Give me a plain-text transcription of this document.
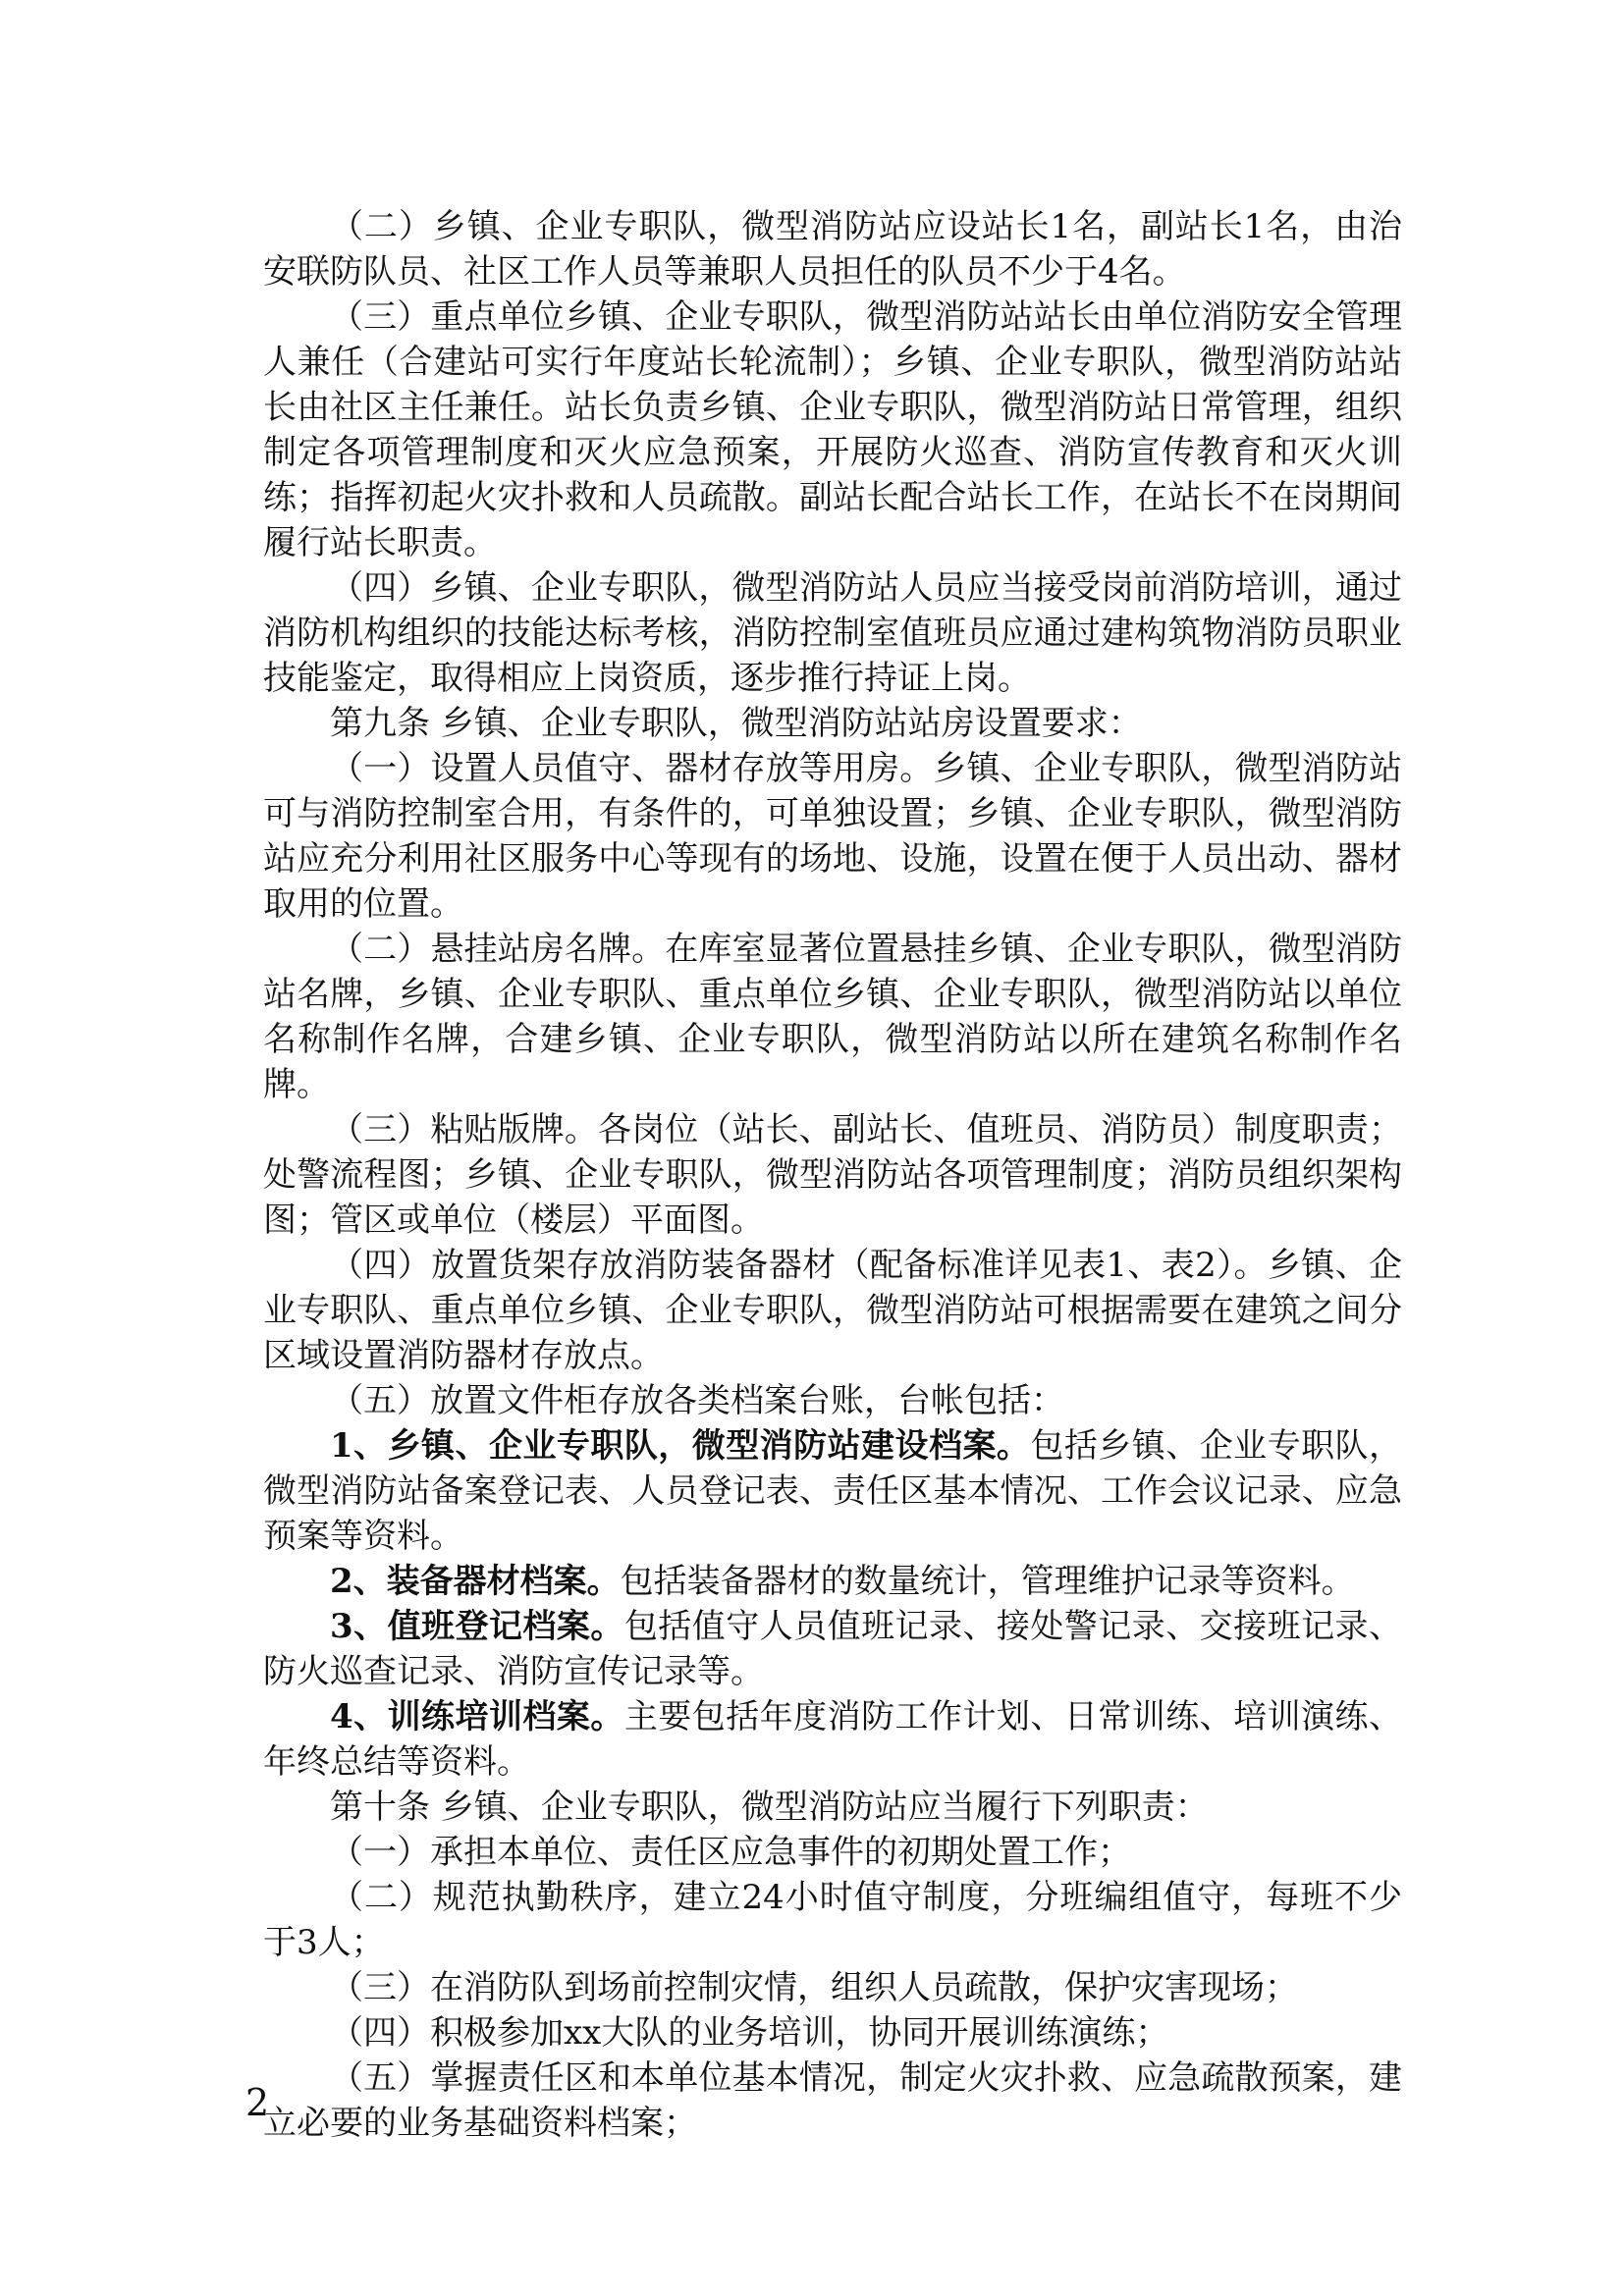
（二）乡镇、企业专职队，微型消防站应设站长1名，副站长1名，由治安联防队员、社区工作人员等兼职人员担任的队员不少于4名。

（三）重点单位乡镇、企业专职队，微型消防站站长由单位消防安全管理人兼任（合建站可实行年度站长轮流制）；乡镇、企业专职队，微型消防站站长由社区主任兼任。站长负责乡镇、企业专职队，微型消防站日常管理，组织制定各项管理制度和灭火应急预案，开展防火巡查、消防宣传教育和灭火训练；指挥初起火灾扑救和人员疏散。副站长配合站长工作，在站长不在岗期间履行站长职责。

（四）乡镇、企业专职队，微型消防站人员应当接受岗前消防培训，通过消防机构组织的技能达标考核，消防控制室值班员应通过建构筑物消防员职业技能鉴定，取得相应上岗资质，逐步推行持证上岗。

第九条 乡镇、企业专职队，微型消防站站房设置要求：

（一）设置人员值守、器材存放等用房。乡镇、企业专职队，微型消防站可与消防控制室合用，有条件的，可单独设置；乡镇、企业专职队，微型消防站应充分利用社区服务中心等现有的场地、设施，设置在便于人员出动、器材取用的位置。

（二）悬挂站房名牌。在库室显著位置悬挂乡镇、企业专职队，微型消防站名牌，乡镇、企业专职队、重点单位乡镇、企业专职队，微型消防站以单位名称制作名牌，合建乡镇、企业专职队，微型消防站以所在建筑名称制作名牌。

（三）粘贴版牌。各岗位（站长、副站长、值班员、消防员）制度职责；处警流程图；乡镇、企业专职队，微型消防站各项管理制度；消防员组织架构图；管区或单位（楼层）平面图。

（四）放置货架存放消防装备器材（配备标准详见表1、表2）。乡镇、企业专职队、重点单位乡镇、企业专职队，微型消防站可根据需要在建筑之间分区域设置消防器材存放点。

（五）放置文件柜存放各类档案台账，台帐包括：

1、乡镇、企业专职队，微型消防站建设档案。包括乡镇、企业专职队，微型消防站备案登记表、人员登记表、责任区基本情况、工作会议记录、应急预案等资料。

2、装备器材档案。包括装备器材的数量统计，管理维护记录等资料。

3、值班登记档案。包括值守人员值班记录、接处警记录、交接班记录、防火巡查记录、消防宣传记录等。

4、训练培训档案。主要包括年度消防工作计划、日常训练、培训演练、年终总结等资料。

第十条 乡镇、企业专职队，微型消防站应当履行下列职责：

（一）承担本单位、责任区应急事件的初期处置工作；

（二）规范执勤秩序，建立24小时值守制度，分班编组值守，每班不少于3人；

（三）在消防队到场前控制灾情，组织人员疏散，保护灾害现场；

（四）积极参加xx大队的业务培训，协同开展训练演练；

（五）掌握责任区和本单位基本情况，制定火灾扑救、应急疏散预案，建立必要的业务基础资料档案；

2
